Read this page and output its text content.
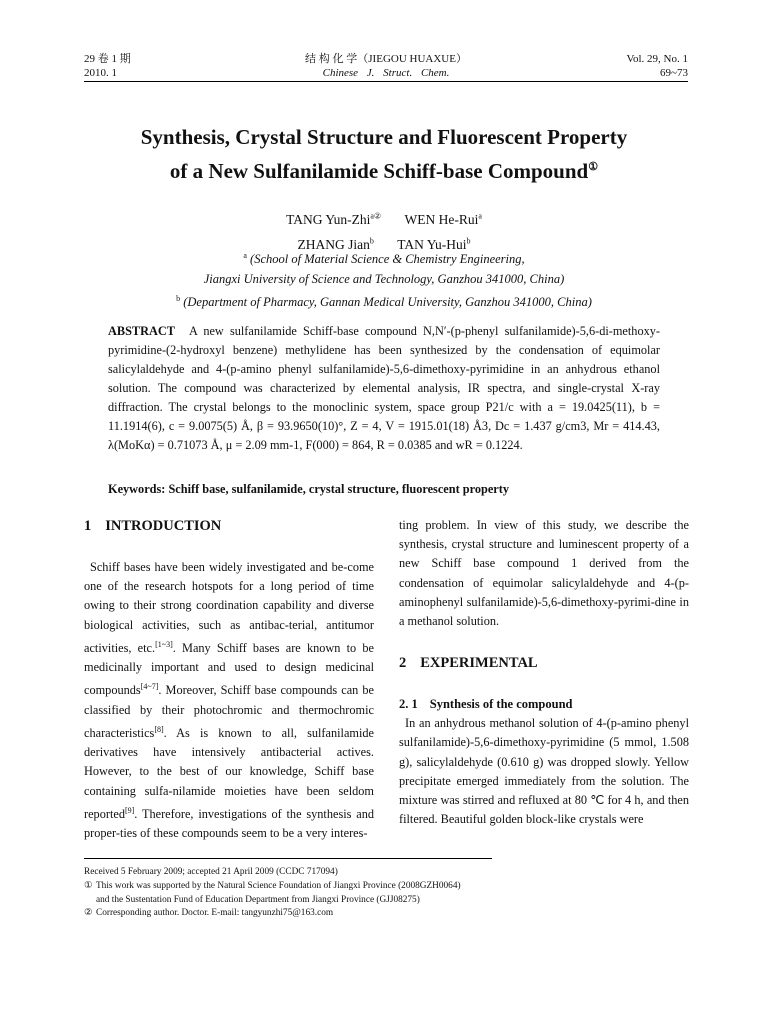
29 卷 1 期
2010. 1
结 构 化 学（JIEGOU HUAXUE）
Chinese J. Struct. Chem.
Vol. 29, No. 1
69~73
Synthesis, Crystal Structure and Fluorescent Property
of a New Sulfanilamide Schiff-base Compound①
TANG Yun-Zhi$^{a②}$ WEN He-Rui$^a$
ZHANG Jian$^b$ TAN Yu-Hui$^b$
$^a$ (School of Material Science & Chemistry Engineering,
Jiangxi University of Science and Technology, Ganzhou 341000, China)
$^b$ (Department of Pharmacy, Gannan Medical University, Ganzhou 341000, China)
ABSTRACT A new sulfanilamide Schiff-base compound N,N′-(p-phenyl sulfanilamide)-5,6-di-methoxy- pyrimidine-(2-hydroxyl benzene) methylidene has been synthesized by the condensation of equimolar salicylaldehyde and 4-(p-amino phenyl sulfanilamide)-5,6-dimethoxy-pyrimidine in an anhydrous ethanol solution. The compound was characterized by elemental analysis, IR spectra, and single-crystal X-ray diffraction. The crystal belongs to the monoclinic system, space group P21/c with a = 19.0425(11), b = 11.1914(6), c = 9.0075(5) Å, β = 93.9650(10)°, Z = 4, V = 1915.01(18) Å3, Dc = 1.437 g/cm3, Mr = 414.43, λ(MoKα) = 0.71073 Å, μ = 2.09 mm-1, F(000) = 864, R = 0.0385 and wR = 0.1224.
Keywords: Schiff base, sulfanilamide, crystal structure, fluorescent property
1 INTRODUCTION

Schiff bases have been widely investigated and be-come one of the research hotspots for a long period of time owing to their strong coordination capability and diverse biological activities, such as antibac-terial, antitumor activities, etc.[1~3]. Many Schiff bases are known to be medicinally important and used to design medicinal compounds[4~7]. Moreover, Schiff base compounds can be classified by their photochromic and thermochromic characteristics[8]. As is known to all, sulfanilamide derivatives have intensively antibacterial actives. However, to the best of our knowledge, Schiff base containing sulfa-nilamide moieties have been seldom reported[9]. Therefore, investigations of the synthesis and proper-ties of these compounds seem to be a very interes-

ting problem. In view of this study, we describe the synthesis, crystal structure and luminescent property of a new Schiff base compound 1 derived from the condensation of equimolar salicylaldehyde and 4-(p-aminophenyl sulfanilamide)-5,6-dimethoxy-pyrimi-dine in a methanol solution.

2 EXPERIMENTAL
2. 1 Synthesis of the compound

In an anhydrous methanol solution of 4-(p-amino phenyl sulfanilamide)-5,6-dimethoxy-pyrimidine (5 mmol, 1.508 g), salicylaldehyde (0.610 g) was dropped slowly. Yellow precipitate emerged immediately from the solution. The mixture was stirred and refluxed at 80 ℃ for 4 h, and then filtered. Beautiful golden block-like crystals were

Received 5 February 2009; accepted 21 April 2009 (CCDC 717094)
① This work was supported by the Natural Science Foundation of Jiangxi Province (2008GZH0064)
and the Sustentation Fund of Education Department from Jiangxi Province (GJJ08275)
② Corresponding author. Doctor. E-mail: tangyunzhi75@163.com
